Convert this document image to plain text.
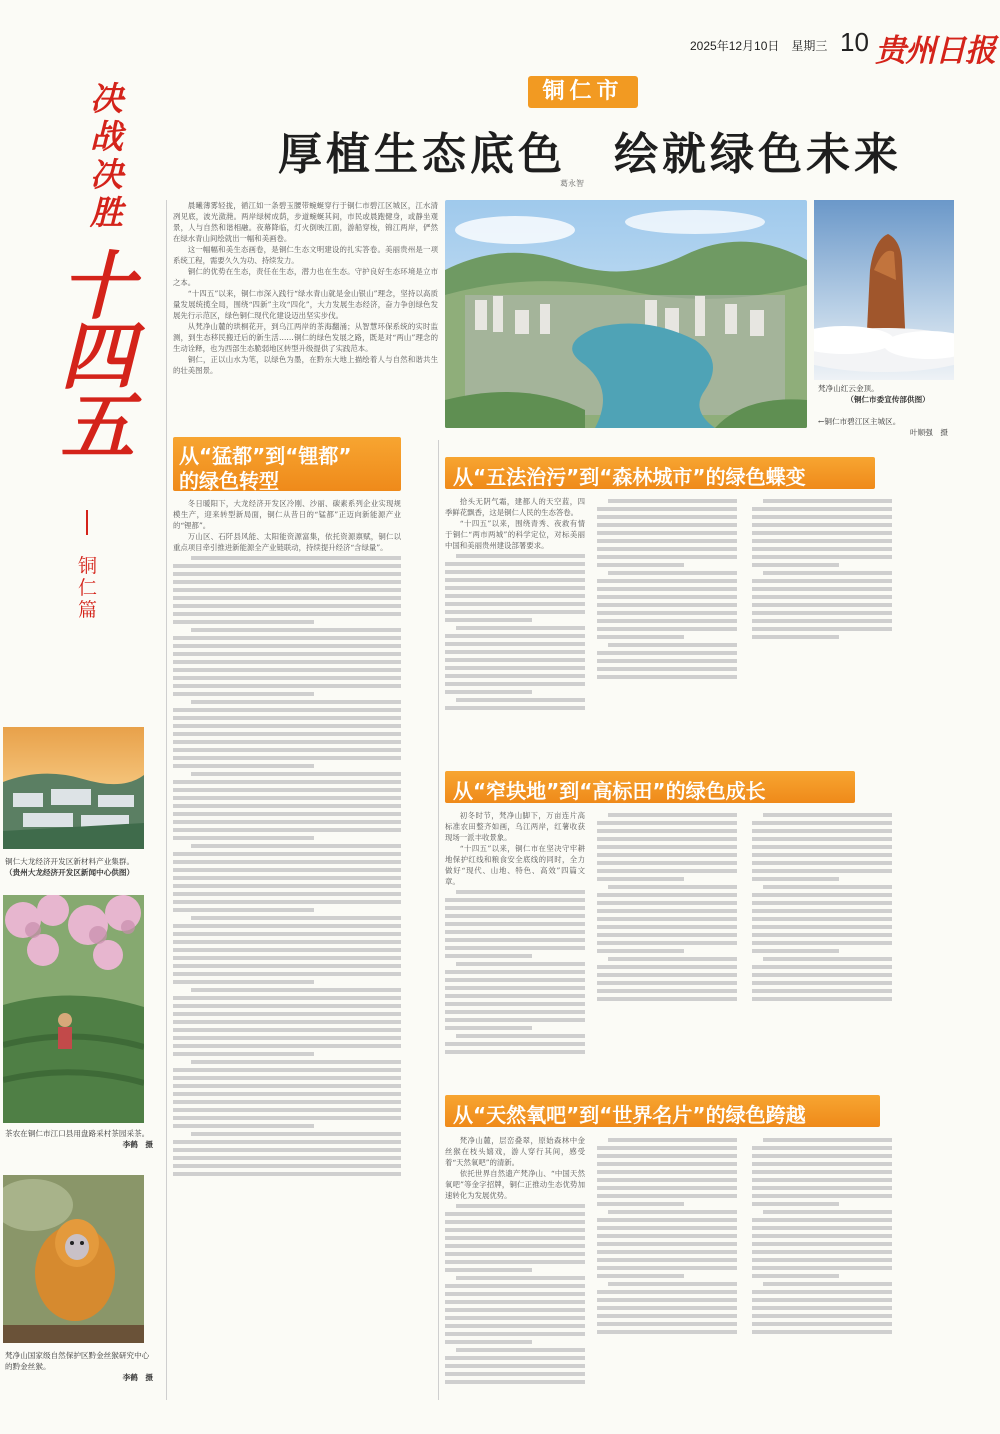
2025年12月10日　星期三 10 贵州日报
决战决胜
十四五
铜仁篇
铜仁市
厚植生态底色　绘就绿色未来
葛永智

晨曦薄雾轻拢，循江如一条碧玉腰带蜿蜒穿行于铜仁市碧江区城区，江水清冽见底，波光潋滟。两岸绿树成荫，步道蜿蜒其间，市民或晨跑健身，或静坐观景，人与自然和谐相融。夜幕降临，灯火倒映江面，游船穿梭，锦江两岸，俨然在绿水青山间绘就出一幅和美画卷。

这一幅幅和美生态画卷，是铜仁生态文明建设的扎实答卷。美丽贵州是一项系统工程，需要久久为功、持续发力。

铜仁的优势在生态，责任在生态，潜力也在生态。守护良好生态环境是立市之本。

“十四五”以来，铜仁市深入践行“绿水青山就是金山银山”理念，坚持以高质量发展统揽全局，围绕“四新”主攻“四化”，大力发展生态经济，奋力争创绿色发展先行示范区，绿色铜仁现代化建设迈出坚实步伐。

从梵净山麓的珙桐花开，到乌江两岸的茶海翻涌；从智慧环保系统的实时监测，到生态移民搬迁后的新生活……铜仁的绿色发展之路，既是对“两山”理念的生动诠释，也为西部生态脆弱地区转型升级提供了实践范本。

铜仁，正以山水为笔，以绿色为墨，在黔东大地上描绘着人与自然和谐共生的壮美图景。

梵净山红云金顶。
（铜仁市委宣传部供图）
←铜仁市碧江区主城区。
叶顺强　摄
从“猛都”到“锂都”
的绿色转型	从“五法治污”到“森林城市”的绿色蝶变
从“窄块地”到“高标田”的绿色成长
从“天然氧吧”到“世界名片”的绿色跨越
铜仁大龙经济开发区新材料产业集群。
（贵州大龙经济开发区新闻中心供图）
茶农在铜仁市江口县用盘路采村茶园采茶。
李鹤　摄
梵净山国家级自然保护区黔金丝猴研究中心的黔金丝猴。
李鹤　摄

冬日暖阳下，大龙经济开发区冷刚、沙丽、碳素系列企业实现规模生产，迎来转型新局面，铜仁从昔日的“锰都”正迈向新能源产业的“锂都”。

万山区、石阡县风能、太阳能资源富集，依托资源禀赋，铜仁以重点项目牵引推进新能源全产业链联动，持续提升经济“含绿量”。

拾头无阴气霜，建都人的天空蓝，四季鲜花飘香，这是铜仁人民的生态答卷。

“十四五”以来，围绕青秀、夜救有情于铜仁“两市两城”的科学定位，对标美丽中国和美丽贵州建设部署要求。

初冬时节，梵净山脚下，万亩连片高标准农田整齐如画，乌江两岸，红薯收获现场一派丰收景象。

“十四五”以来，铜仁市在坚决守牢耕地保护红线和粮食安全底线的同时，全力做好“现代、山地、特色、高效”四篇文章。

梵净山麓，层峦叠翠，原始森林中金丝猴在枝头嬉戏，游人穿行其间，感受着“天然氧吧”的清新。

依托世界自然遗产梵净山、“中国天然氧吧”等金字招牌，铜仁正推动生态优势加速转化为发展优势。
